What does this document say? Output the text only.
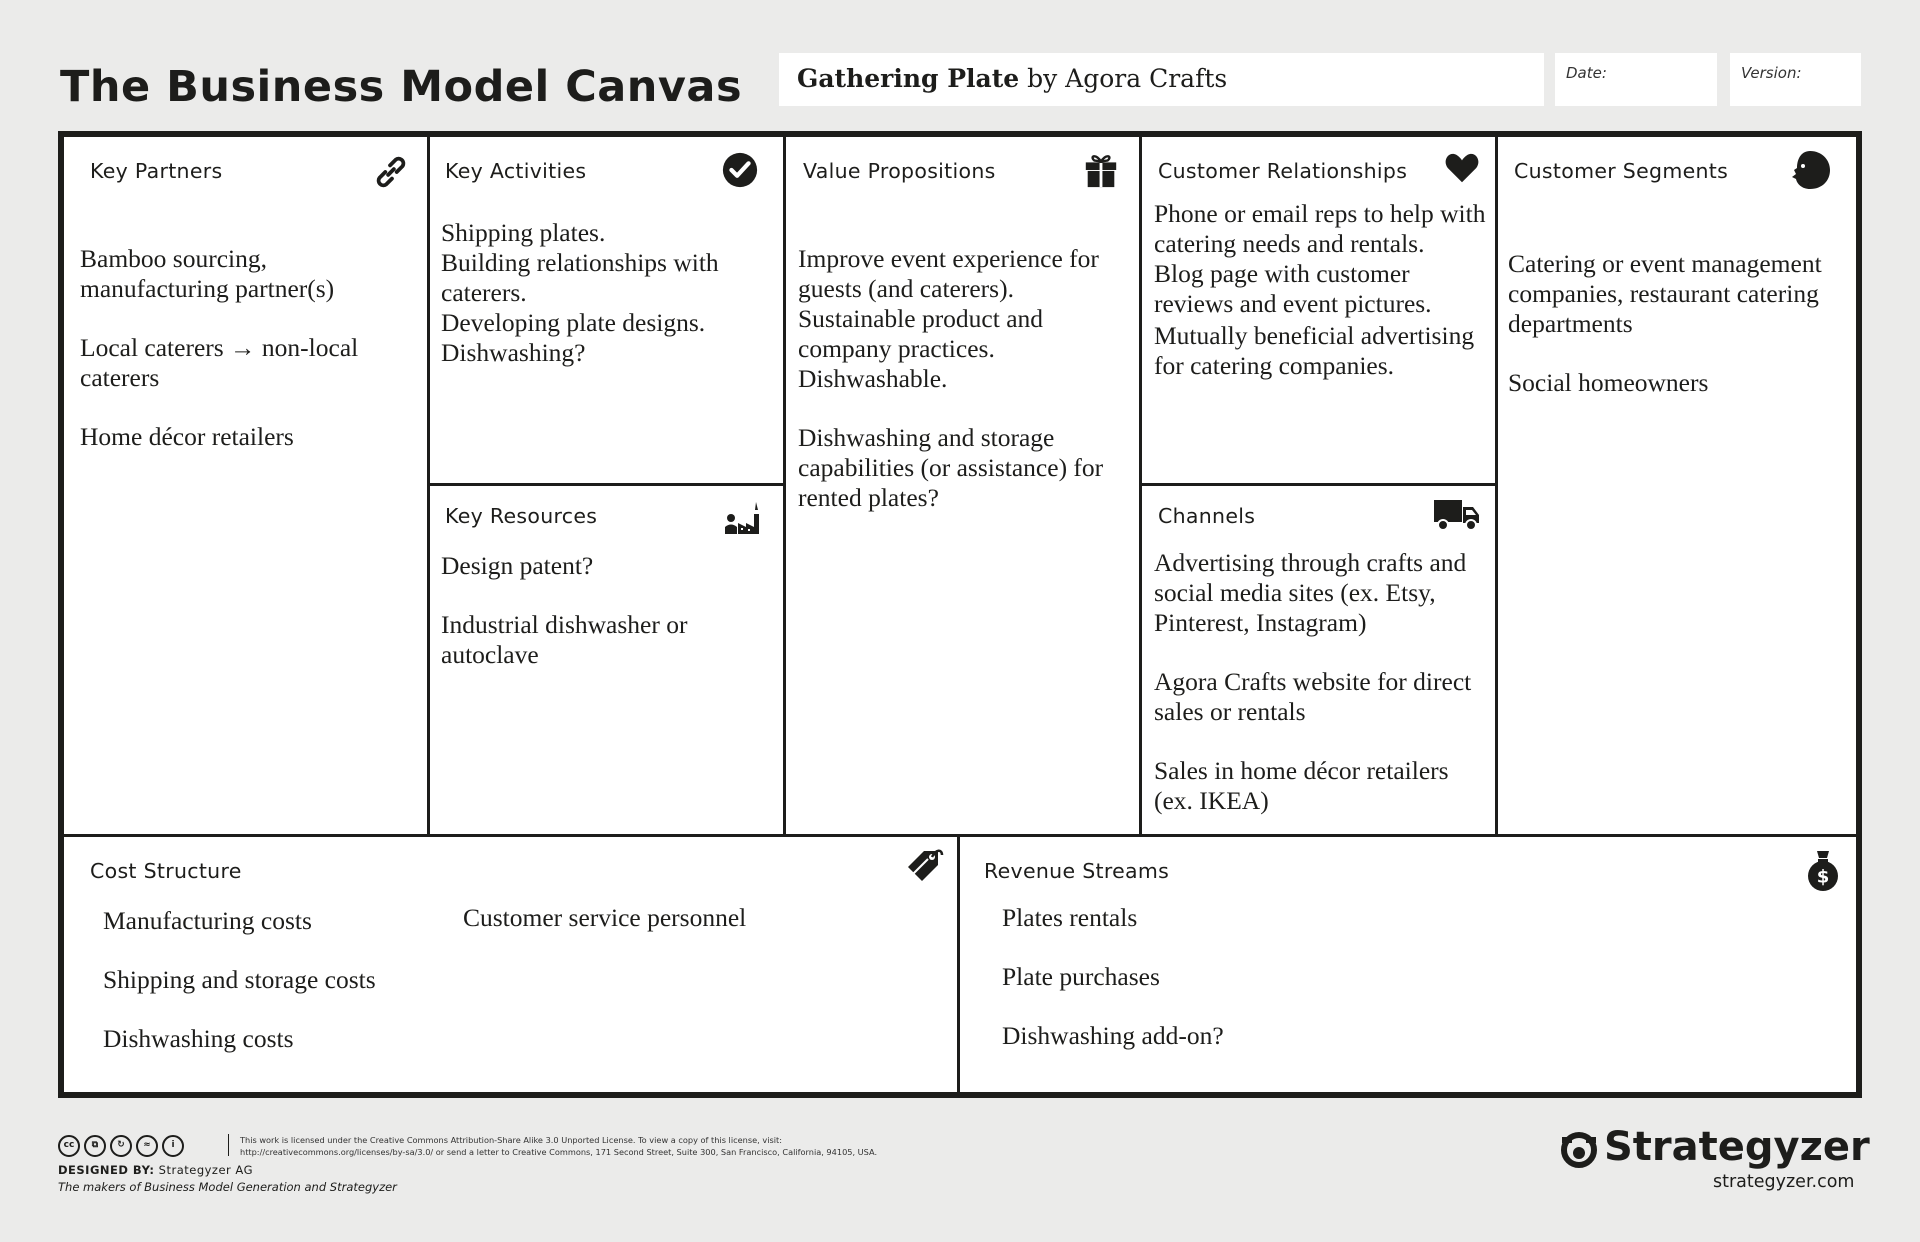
The Business Model Canvas Gathering Plate by Agora Crafts	Date:	Version:
Key Partners

Bamboo sourcing, manufacturing partner(s)

Local caterers → non-local caterers

Home décor retailers

Key Activities

Shipping plates.

Building relationships with caterers.

Developing plate designs.

Dishwashing?

Key Resources

Design patent?

Industrial dishwasher or autoclave

Value Propositions

Improve event experience for guests (and caterers).

Sustainable product and company practices.

Dishwashable.

Dishwashing and storage capabilities (or assistance) for rented plates?

Customer Relationships

Phone or email reps to help with catering needs and rentals.

Blog page with customer reviews and event pictures.

Mutually beneficial advertising for catering companies.

Channels

Advertising through crafts and social media sites (ex. Etsy, Pinterest, Instagram)

Agora Crafts website for direct sales or rentals

Sales in home décor retailers (ex. IKEA)

Customer Segments

Catering or event management companies, restaurant catering departments

Social homeowners

Cost Structure

Manufacturing costs

Shipping and storage costs

Dishwashing costs

Customer service personnel

Revenue Streams	$

Plates rentals

Plate purchases

Dishwashing add-on?

cc ⧉ ↻ ≈ i	This work is licensed under the Creative Commons Attribution-Share Alike 3.0 Unported License. To view a copy of this license, visit: http://creativecommons.org/licenses/by-sa/3.0/ or send a letter to Creative Commons, 171 Second Street, Suite 300, San Francisco, California, 94105, USA.
DESIGNED BY: Strategyzer AG
The makers of Business Model Generation and Strategyzer
Strategyzer
strategyzer.com
